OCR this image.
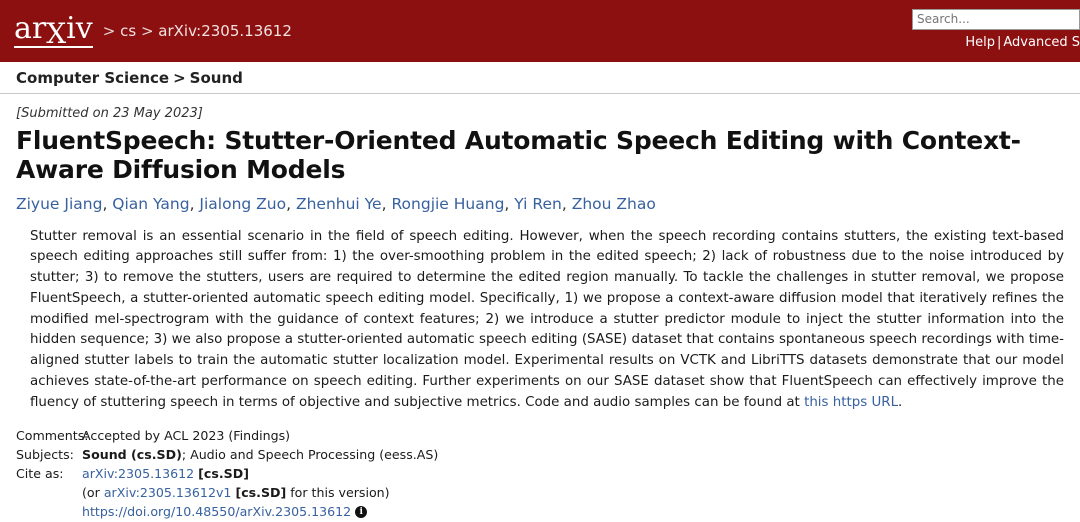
arXiv > cs > arXiv:2305.13612
Search...
Help | Advanced S
Computer Science > Sound
[Submitted on 23 May 2023]
FluentSpeech: Stutter-Oriented Automatic Speech Editing with Context-Aware Diffusion Models
Ziyue Jiang, Qian Yang, Jialong Zuo, Zhenhui Ye, Rongjie Huang, Yi Ren, Zhou Zhao
Stutter removal is an essential scenario in the field of speech editing. However, when the speech recording contains stutters, the existing text-based speech editing approaches still suffer from: 1) the over-smoothing problem in the edited speech; 2) lack of robustness due to the noise introduced by stutter; 3) to remove the stutters, users are required to determine the edited region manually. To tackle the challenges in stutter removal, we propose FluentSpeech, a stutter-oriented automatic speech editing model. Specifically, 1) we propose a context-aware diffusion model that iteratively refines the modified mel-spectrogram with the guidance of context features; 2) we introduce a stutter predictor module to inject the stutter information into the hidden sequence; 3) we also propose a stutter-oriented automatic speech editing (SASE) dataset that contains spontaneous speech recordings with time-aligned stutter labels to train the automatic stutter localization model. Experimental results on VCTK and LibriTTS datasets demonstrate that our model achieves state-of-the-art performance on speech editing. Further experiments on our SASE dataset show that FluentSpeech can effectively improve the fluency of stuttering speech in terms of objective and subjective metrics. Code and audio samples can be found at this https URL.
Comments:
Accepted by ACL 2023 (Findings)
Subjects: Sound (cs.SD); Audio and Speech Processing (eess.AS)
Cite as:	arXiv:2305.13612 [cs.SD]
(or arXiv:2305.13612v1 [cs.SD] for this version)
https://doi.org/10.48550/arXiv.2305.13612 i
